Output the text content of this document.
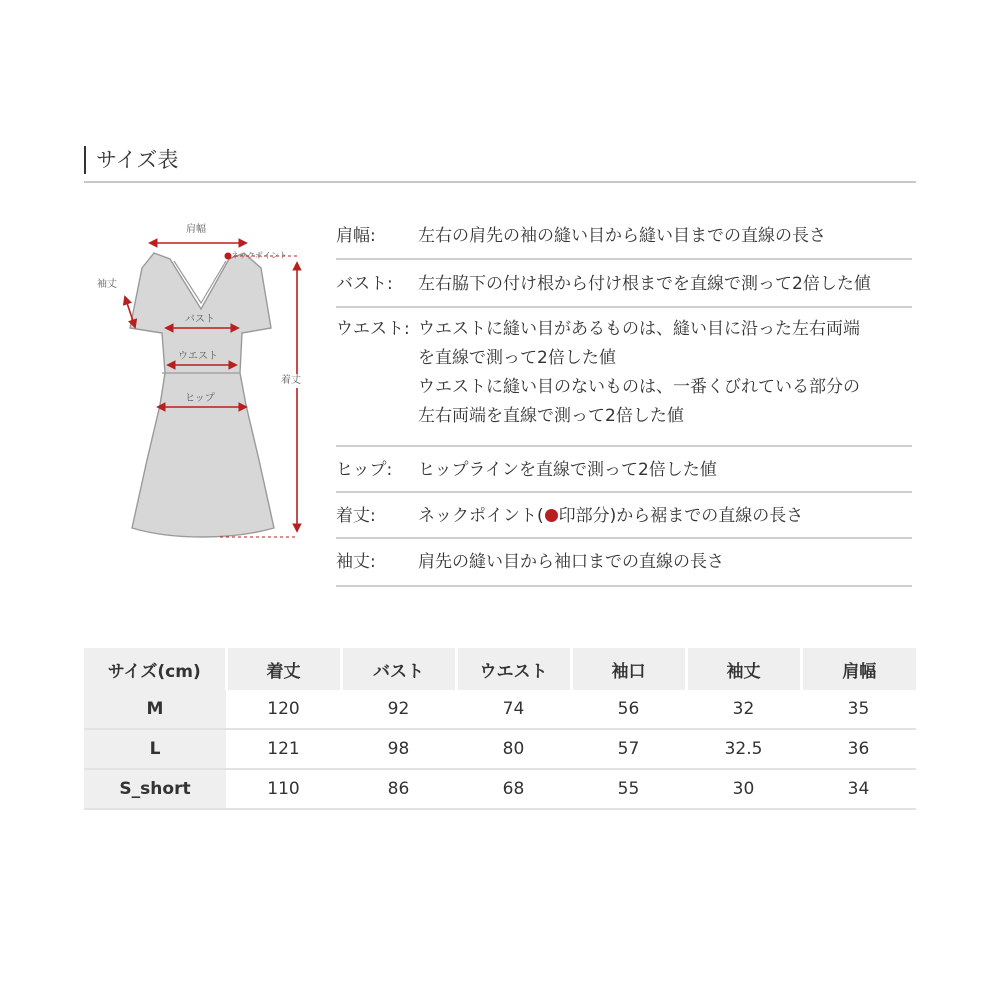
サイズ表
肩幅
ネックポイント
袖丈
バスト
ウエスト
ヒップ
着丈
肩幅:	左右の肩先の袖の縫い目から縫い目までの直線の長さ
バスト:	左右脇下の付け根から付け根までを直線で測って2倍した値
ウエスト: ウエストに縫い目があるものは、縫い目に沿った左右両端
を直線で測って2倍した値
ウエストに縫い目のないものは、一番くびれている部分の
左右両端を直線で測って2倍した値
ヒップ:	ヒップラインを直線で測って2倍した値
着丈:	ネックポイント( 印部分)から裾までの直線の長さ
袖丈:	肩先の縫い目から袖口までの直線の長さ
サイズ(cm)	着丈	バスト	ウエスト	袖口	袖丈	肩幅
M	120	92	74	56	32	35
L	121	98	80	57	32.5	36
S_short	110	86	68	55	30	34
